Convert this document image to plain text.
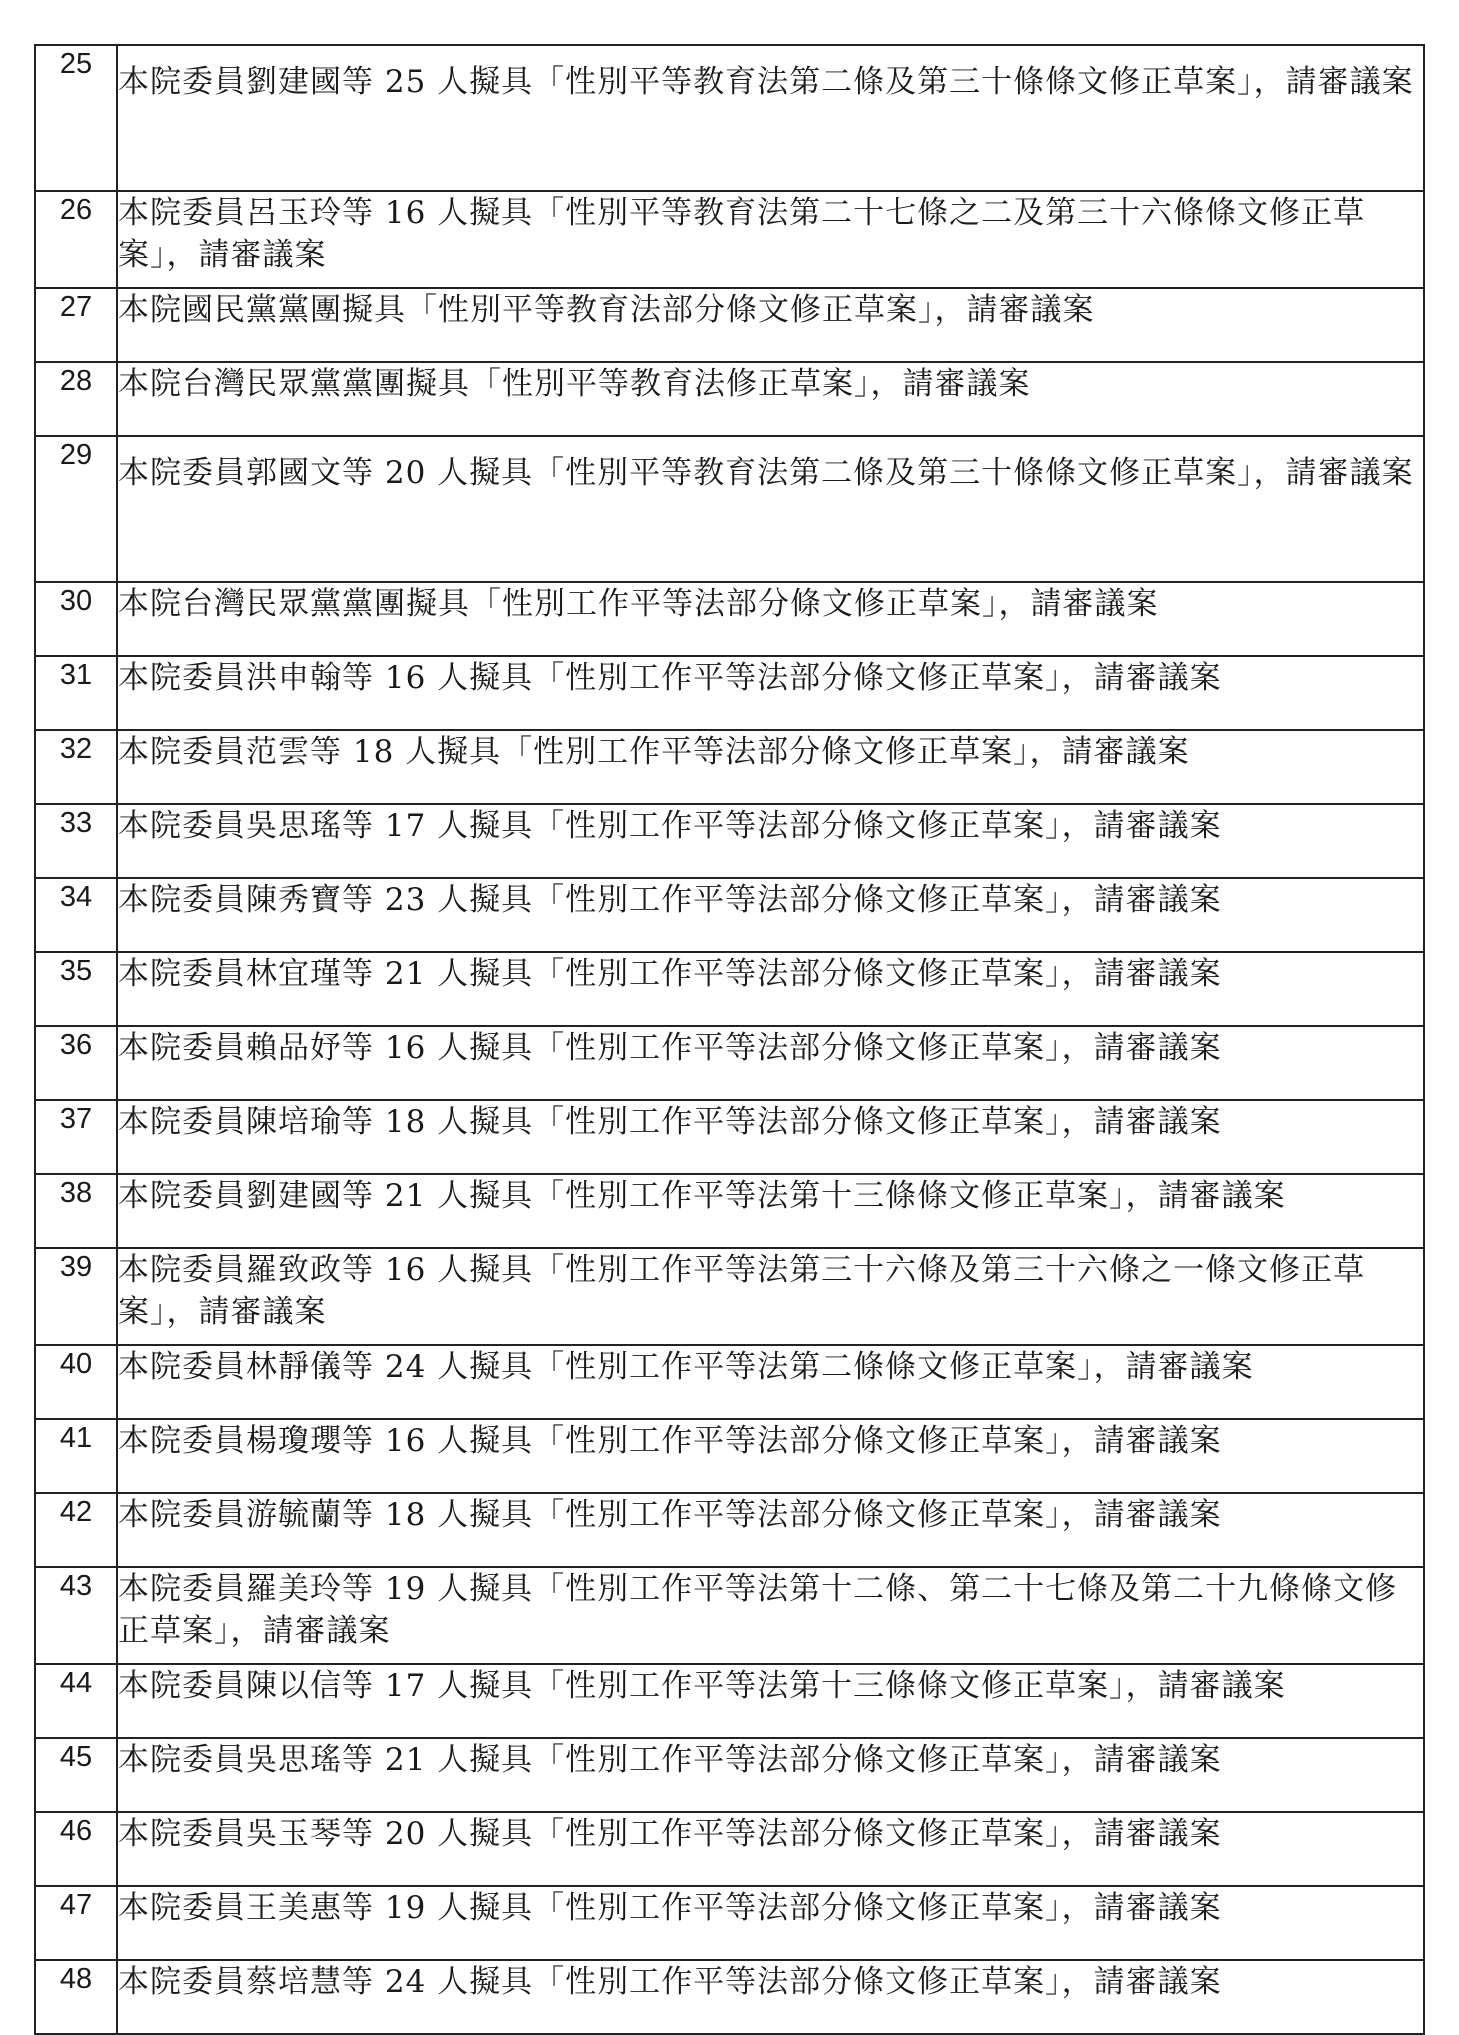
25	本院委員劉建國等 25 人擬具「性別平等教育法第二條及第三十條條文修正草案」，請審議案
26	本院委員呂玉玲等 16 人擬具「性別平等教育法第二十七條之二及第三十六條條文修正草案」，請審議案
27	本院國民黨黨團擬具「性別平等教育法部分條文修正草案」，請審議案
28	本院台灣民眾黨黨團擬具「性別平等教育法修正草案」，請審議案
29	本院委員郭國文等 20 人擬具「性別平等教育法第二條及第三十條條文修正草案」，請審議案
30	本院台灣民眾黨黨團擬具「性別工作平等法部分條文修正草案」，請審議案
31	本院委員洪申翰等 16 人擬具「性別工作平等法部分條文修正草案」，請審議案
32	本院委員范雲等 18 人擬具「性別工作平等法部分條文修正草案」，請審議案
33	本院委員吳思瑤等 17 人擬具「性別工作平等法部分條文修正草案」，請審議案
34	本院委員陳秀寶等 23 人擬具「性別工作平等法部分條文修正草案」，請審議案
35	本院委員林宜瑾等 21 人擬具「性別工作平等法部分條文修正草案」，請審議案
36	本院委員賴品妤等 16 人擬具「性別工作平等法部分條文修正草案」，請審議案
37	本院委員陳培瑜等 18 人擬具「性別工作平等法部分條文修正草案」，請審議案
38	本院委員劉建國等 21 人擬具「性別工作平等法第十三條條文修正草案」，請審議案
39	本院委員羅致政等 16 人擬具「性別工作平等法第三十六條及第三十六條之一條文修正草案」，請審議案
40	本院委員林靜儀等 24 人擬具「性別工作平等法第二條條文修正草案」，請審議案
41	本院委員楊瓊瓔等 16 人擬具「性別工作平等法部分條文修正草案」，請審議案
42	本院委員游毓蘭等 18 人擬具「性別工作平等法部分條文修正草案」，請審議案
43	本院委員羅美玲等 19 人擬具「性別工作平等法第十二條、第二十七條及第二十九條條文修正草案」，請審議案
44	本院委員陳以信等 17 人擬具「性別工作平等法第十三條條文修正草案」，請審議案
45	本院委員吳思瑤等 21 人擬具「性別工作平等法部分條文修正草案」，請審議案
46	本院委員吳玉琴等 20 人擬具「性別工作平等法部分條文修正草案」，請審議案
47	本院委員王美惠等 19 人擬具「性別工作平等法部分條文修正草案」，請審議案
48	本院委員蔡培慧等 24 人擬具「性別工作平等法部分條文修正草案」，請審議案
